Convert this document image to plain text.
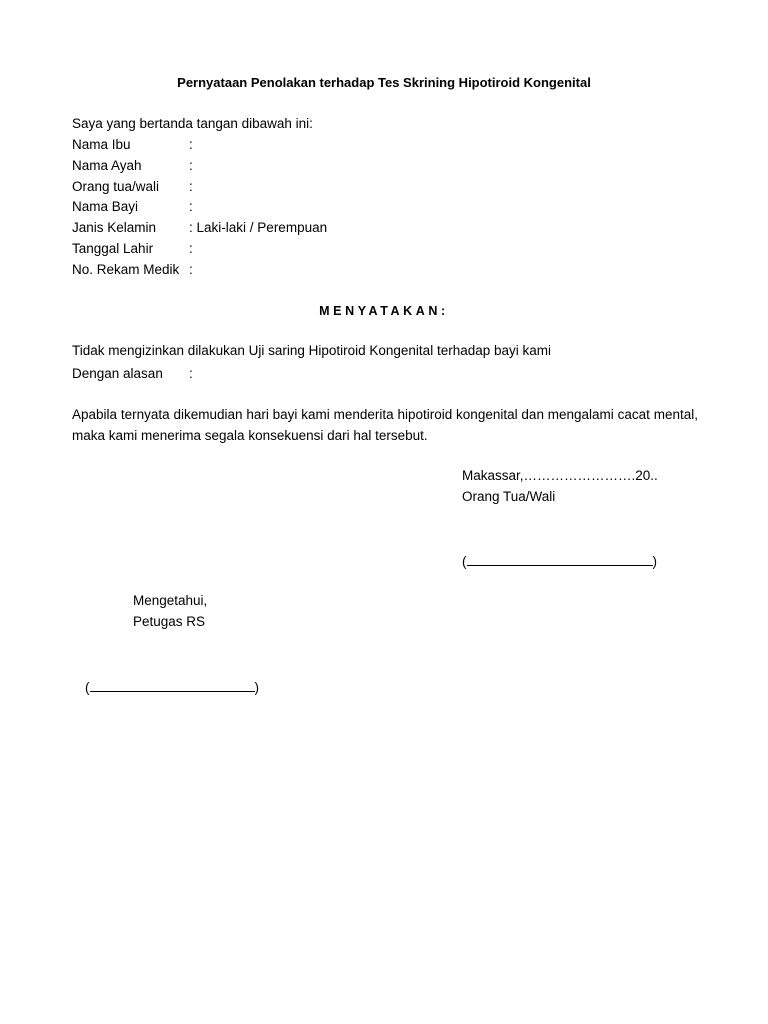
Pernyataan Penolakan terhadap Tes Skrining Hipotiroid Kongenital
Saya yang bertanda tangan dibawah ini:
Nama Ibu	:
Nama Ayah	:
Orang tua/wali :
Nama Bayi	:
Janis Kelamin : Laki-laki / Perempuan
Tanggal Lahir	:
No. Rekam Medik :
MENYATAKAN:
Tidak mengizinkan dilakukan Uji saring Hipotiroid Kongenital terhadap bayi kami
Dengan alasan :
Apabila ternyata dikemudian hari bayi kami menderita hipotiroid kongenital dan mengalami cacat mental, maka kami menerima segala konsekuensi dari hal tersebut.
Makassar,…………………….20..
Orang Tua/Wali
(	)
Mengetahui,
Petugas RS
(	)
